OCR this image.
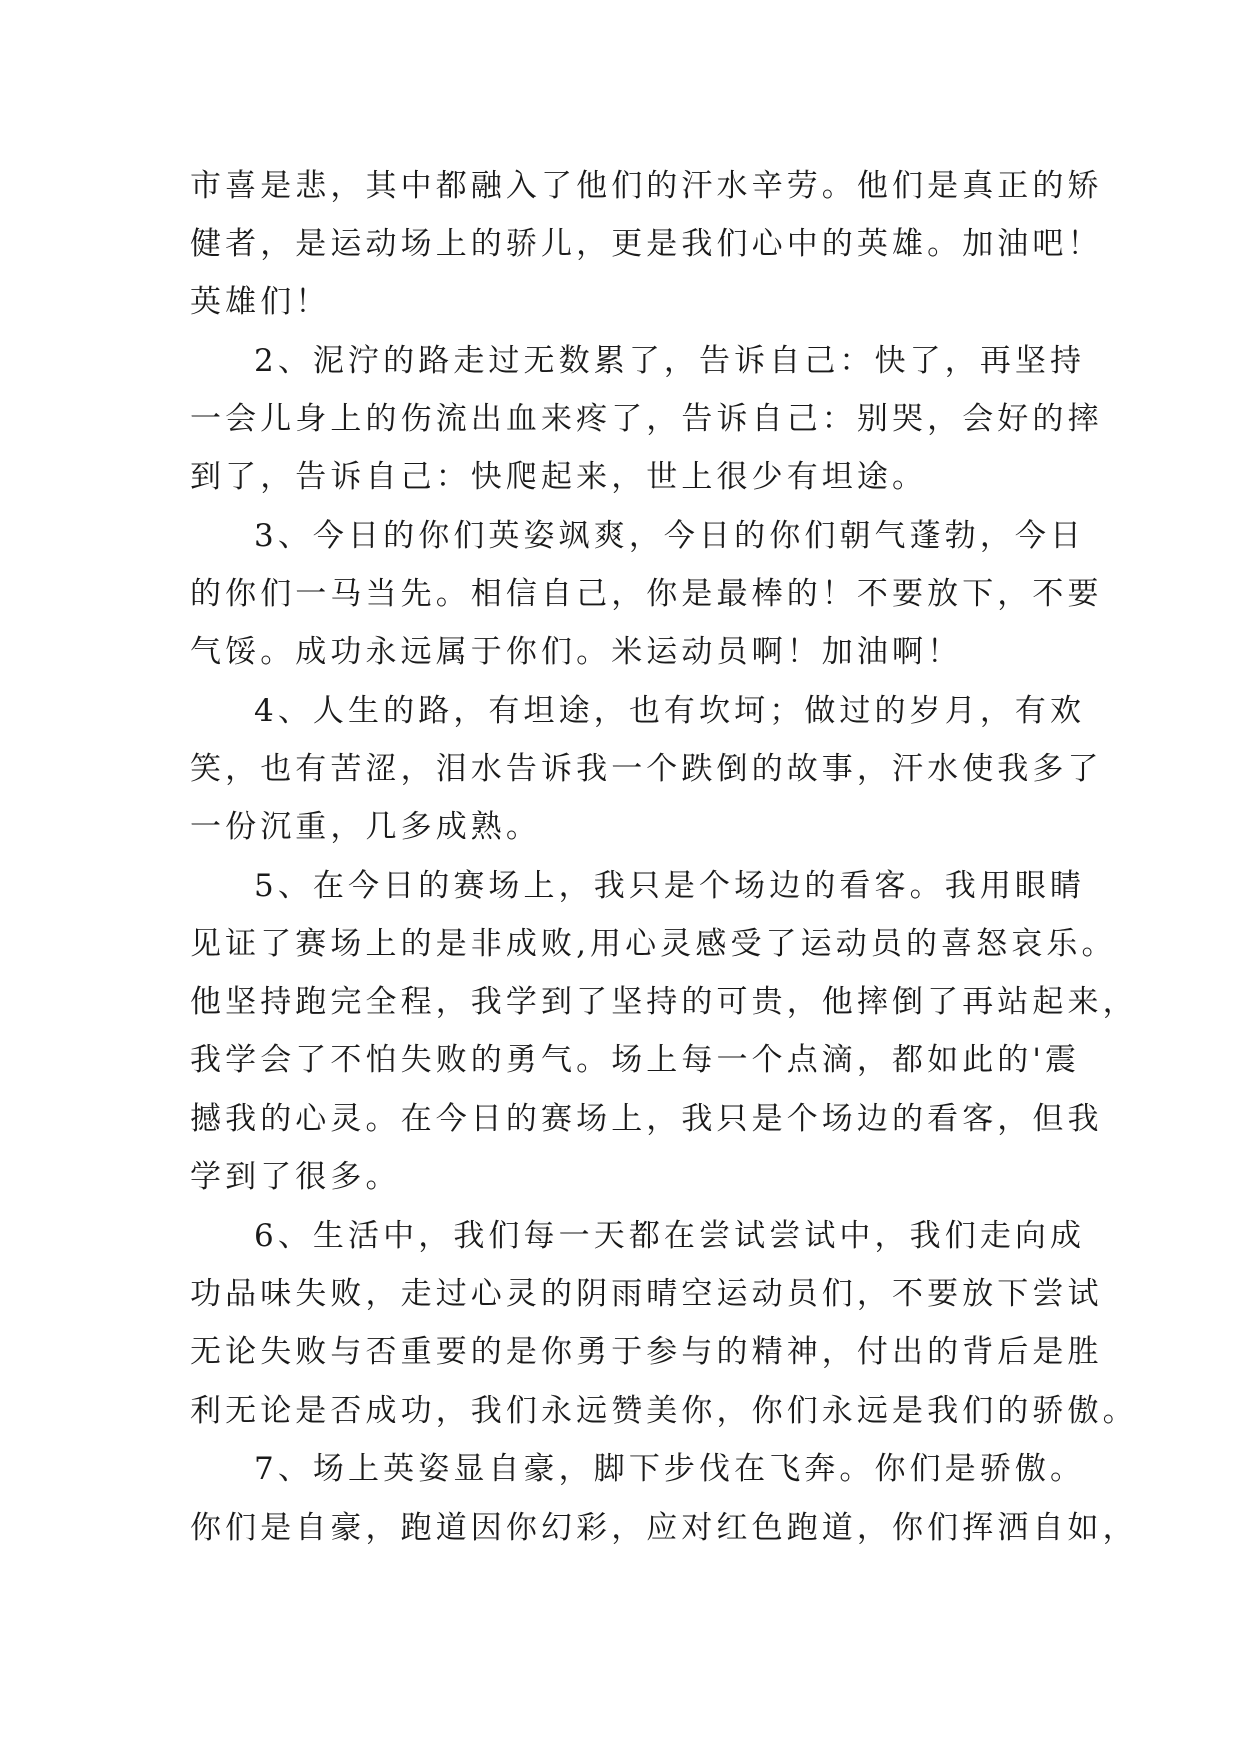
市喜是悲，其中都融入了他们的汗水辛劳。他们是真正的矫
健者，是运动场上的骄儿，更是我们心中的英雄。加油吧！
英雄们！
2、泥泞的路走过无数累了，告诉自己：快了，再坚持
一会儿身上的伤流出血来疼了，告诉自己：别哭，会好的摔
到了，告诉自己：快爬起来，世上很少有坦途。
3、今日的你们英姿飒爽，今日的你们朝气蓬勃，今日
的你们一马当先。相信自己，你是最棒的！不要放下，不要
气馁。成功永远属于你们。米运动员啊！加油啊！
4、人生的路，有坦途，也有坎坷；做过的岁月，有欢
笑，也有苦涩，泪水告诉我一个跌倒的故事，汗水使我多了
一份沉重，几多成熟。
5、在今日的赛场上，我只是个场边的看客。我用眼睛
见证了赛场上的是非成败,用心灵感受了运动员的喜怒哀乐。
他坚持跑完全程，我学到了坚持的可贵，他摔倒了再站起来，
我学会了不怕失败的勇气。场上每一个点滴，都如此的'震
撼我的心灵。在今日的赛场上，我只是个场边的看客，但我
学到了很多。
6、生活中，我们每一天都在尝试尝试中，我们走向成
功品味失败，走过心灵的阴雨晴空运动员们，不要放下尝试
无论失败与否重要的是你勇于参与的精神，付出的背后是胜
利无论是否成功，我们永远赞美你，你们永远是我们的骄傲。
7、场上英姿显自豪，脚下步伐在飞奔。你们是骄傲。
你们是自豪，跑道因你幻彩，应对红色跑道，你们挥洒自如，
